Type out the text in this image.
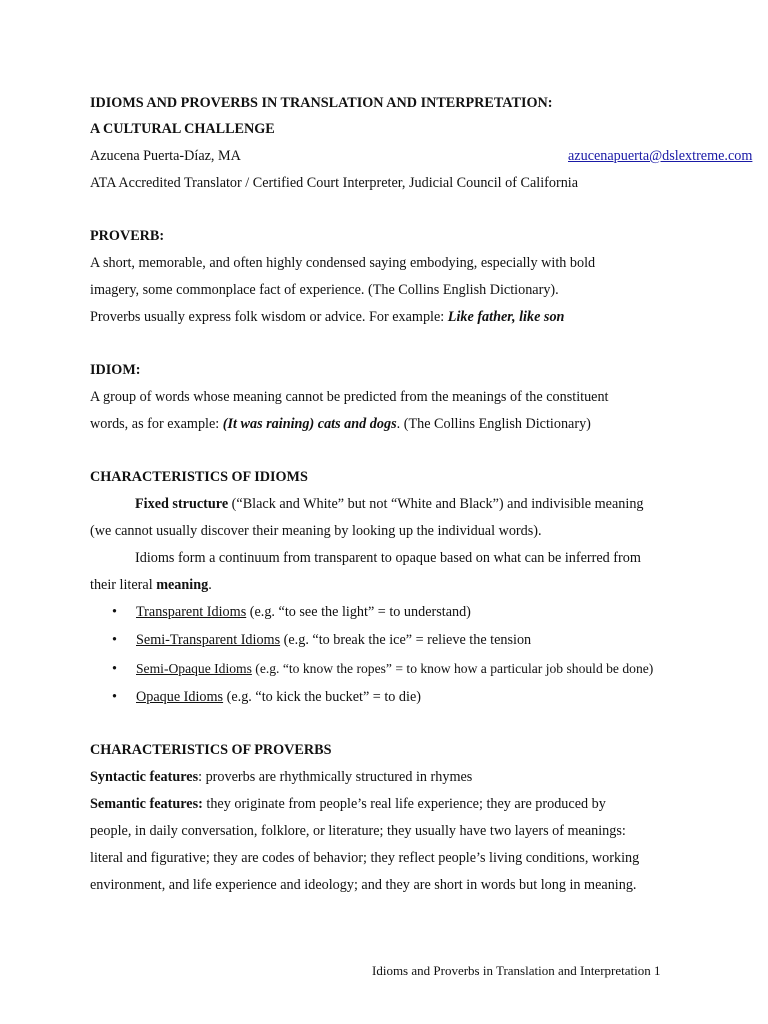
IDIOMS AND PROVERBS IN TRANSLATION AND INTERPRETATION:
A CULTURAL CHALLENGE
Azucena Puerta-Díaz, MA	azucenapuerta@dslextreme.com
ATA Accredited Translator / Certified Court Interpreter, Judicial Council of California
PROVERB:
A short, memorable, and often highly condensed saying embodying, especially with bold
imagery, some commonplace fact of experience. (The Collins English Dictionary).
Proverbs usually express folk wisdom or advice. For example: Like father, like son
IDIOM:
A group of words whose meaning cannot be predicted from the meanings of the constituent
words, as for example: (It was raining) cats and dogs. (The Collins English Dictionary)
CHARACTERISTICS OF IDIOMS
Fixed structure (“Black and White” but not “White and Black”) and indivisible meaning
(we cannot usually discover their meaning by looking up the individual words).
Idioms form a continuum from transparent to opaque based on what can be inferred from
their literal meaning.
• Transparent Idioms (e.g. “to see the light” = to understand)
• Semi-Transparent Idioms (e.g. “to break the ice” = relieve the tension
• Semi-Opaque Idioms (e.g. “to know the ropes” = to know how a particular job should be done)
• Opaque Idioms (e.g. “to kick the bucket” = to die)
CHARACTERISTICS OF PROVERBS
Syntactic features: proverbs are rhythmically structured in rhymes
Semantic features: they originate from people’s real life experience; they are produced by
people, in daily conversation, folklore, or literature; they usually have two layers of meanings:
literal and figurative; they are codes of behavior; they reflect people’s living conditions, working
environment, and life experience and ideology; and they are short in words but long in meaning.
Idioms and Proverbs in Translation and Interpretation 1
